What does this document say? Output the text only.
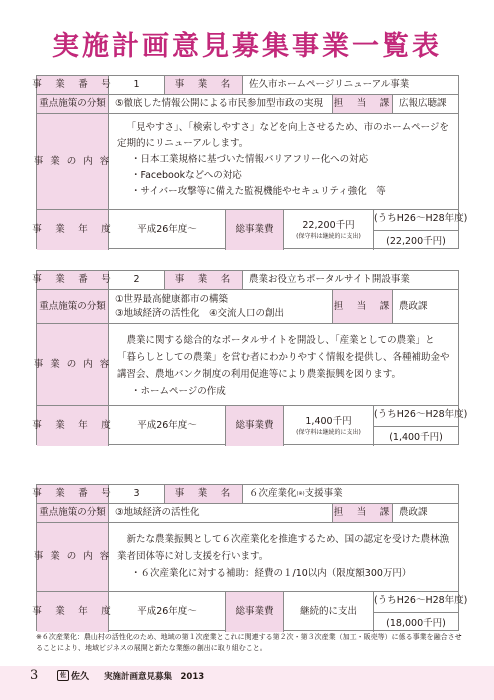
実施計画意見募集事業一覧表
事　業　番　号	1	事　業　名	佐久市ホームページリニューアル事業
重点施策の分類 ⑤徹底した情報公開による市民参加型市政の実現	担　当　課 広報広聴課
事 業 の 内 容

「見やすさ」、「検索しやすさ」などを向上させるため、市のホームページを定期的にリニューアルします。

・日本工業規格に基づいた情報バリアフリー化への対応
・Facebookなどへの対応
・サイバー攻撃等に備えた監視機能やセキュリティ強化　等
事　業　年　度	平成26年度～	総事業費	22,200千円
(保守料は継続的に支出)
(うちH26～H28年度)
(22,200千円)
事　業　番　号	2	事　業　名	農業お役立ちポータルサイト開設事業
重点施策の分類
①世界最高健康都市の構築
③地域経済の活性化　④交流人口の創出
担　当　課 農政課
事 業 の 内 容

農業に関する総合的なポータルサイトを開設し、「産業としての農業」と「暮らしとしての農業」を営む者にわかりやすく情報を提供し、各種補助金や講習会、農地バンク制度の利用促進等により農業振興を図ります。

・ホームページの作成
事　業　年　度	平成26年度～	総事業費	1,400千円
(保守料は継続的に支出)
(うちH26～H28年度)
(1,400千円)
事　業　番　号	3	事　業　名	６次産業化 (※) 支援事業
重点施策の分類 ③地域経済の活性化	担　当　課 農政課
事 業 の 内 容

新たな農業振興として６次産業化を推進するため、国の認定を受けた農林漁業者団体等に対し支援を行います。

・６次産業化に対する補助：経費の１/10以内（限度額300万円）
事　業　年　度	平成26年度～	総事業費	継続的に支出
(うちH26～H28年度)
(18,000千円)
※６次産業化：農山村の活性化のため、地域の第１次産業とこれに関連する第２次・第３次産業（加工・販売等）に係る事業を融合させることにより、地域ビジネスの展開と新たな業態の創出に取り組むこと。
3	佐 佐久 実施計画意見募集　2013
